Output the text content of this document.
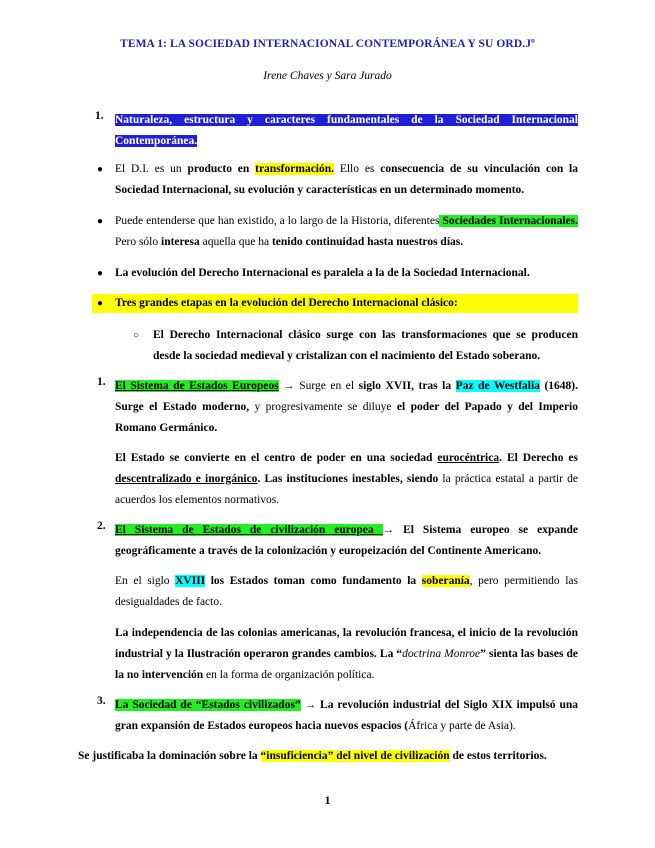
TEMA 1: LA SOCIEDAD INTERNACIONAL CONTEMPORÁNEA Y SU ORD.Jº
Irene Chaves y Sara Jurado
1. Naturaleza, estructura y caracteres fundamentales de la Sociedad Internacional Contemporánea.
● El D.I. es un producto en transformación. Ello es consecuencia de su vinculación con la Sociedad Internacional, su evolución y características en un determinado momento.
● Puede entenderse que han existido, a lo largo de la Historia, diferentes Sociedades Internacionales. Pero sólo interesa aquella que ha tenido continuidad hasta nuestros días.
● La evolución del Derecho Internacional es paralela a la de la Sociedad Internacional.
● Tres grandes etapas en la evolución del Derecho Internacional clásico:
○ El Derecho Internacional clásico surge con las transformaciones que se producen desde la sociedad medieval y cristalizan con el nacimiento del Estado soberano.
1. El Sistema de Estados Europeos → Surge en el siglo XVII, tras la Paz de Westfalia (1648). Surge el Estado moderno, y progresivamente se diluye el poder del Papado y del Imperio Romano Germánico.
El Estado se convierte en el centro de poder en una sociedad eurocéntrica. El Derecho es descentralizado e inorgánico. Las instituciones inestables, siendo la práctica estatal a partir de acuerdos los elementos normativos.
2. El Sistema de Estados de civilización europea → El Sistema europeo se expande geográficamente a través de la colonización y europeización del Continente Americano.
En el siglo XVIII los Estados toman como fundamento la soberanía, pero permitiendo las desigualdades de facto.
La independencia de las colonias americanas, la revolución francesa, el inicio de la revolución industrial y la Ilustración operaron grandes cambios. La “doctrina Monroe” sienta las bases de la no intervención en la forma de organización política.
3. La Sociedad de “Estados civilizados” → La revolución industrial del Siglo XIX impulsó una gran expansión de Estados europeos hacia nuevos espacios (África y parte de Asia).
Se justificaba la dominación sobre la “insuficiencia” del nivel de civilización de estos territorios.
1
